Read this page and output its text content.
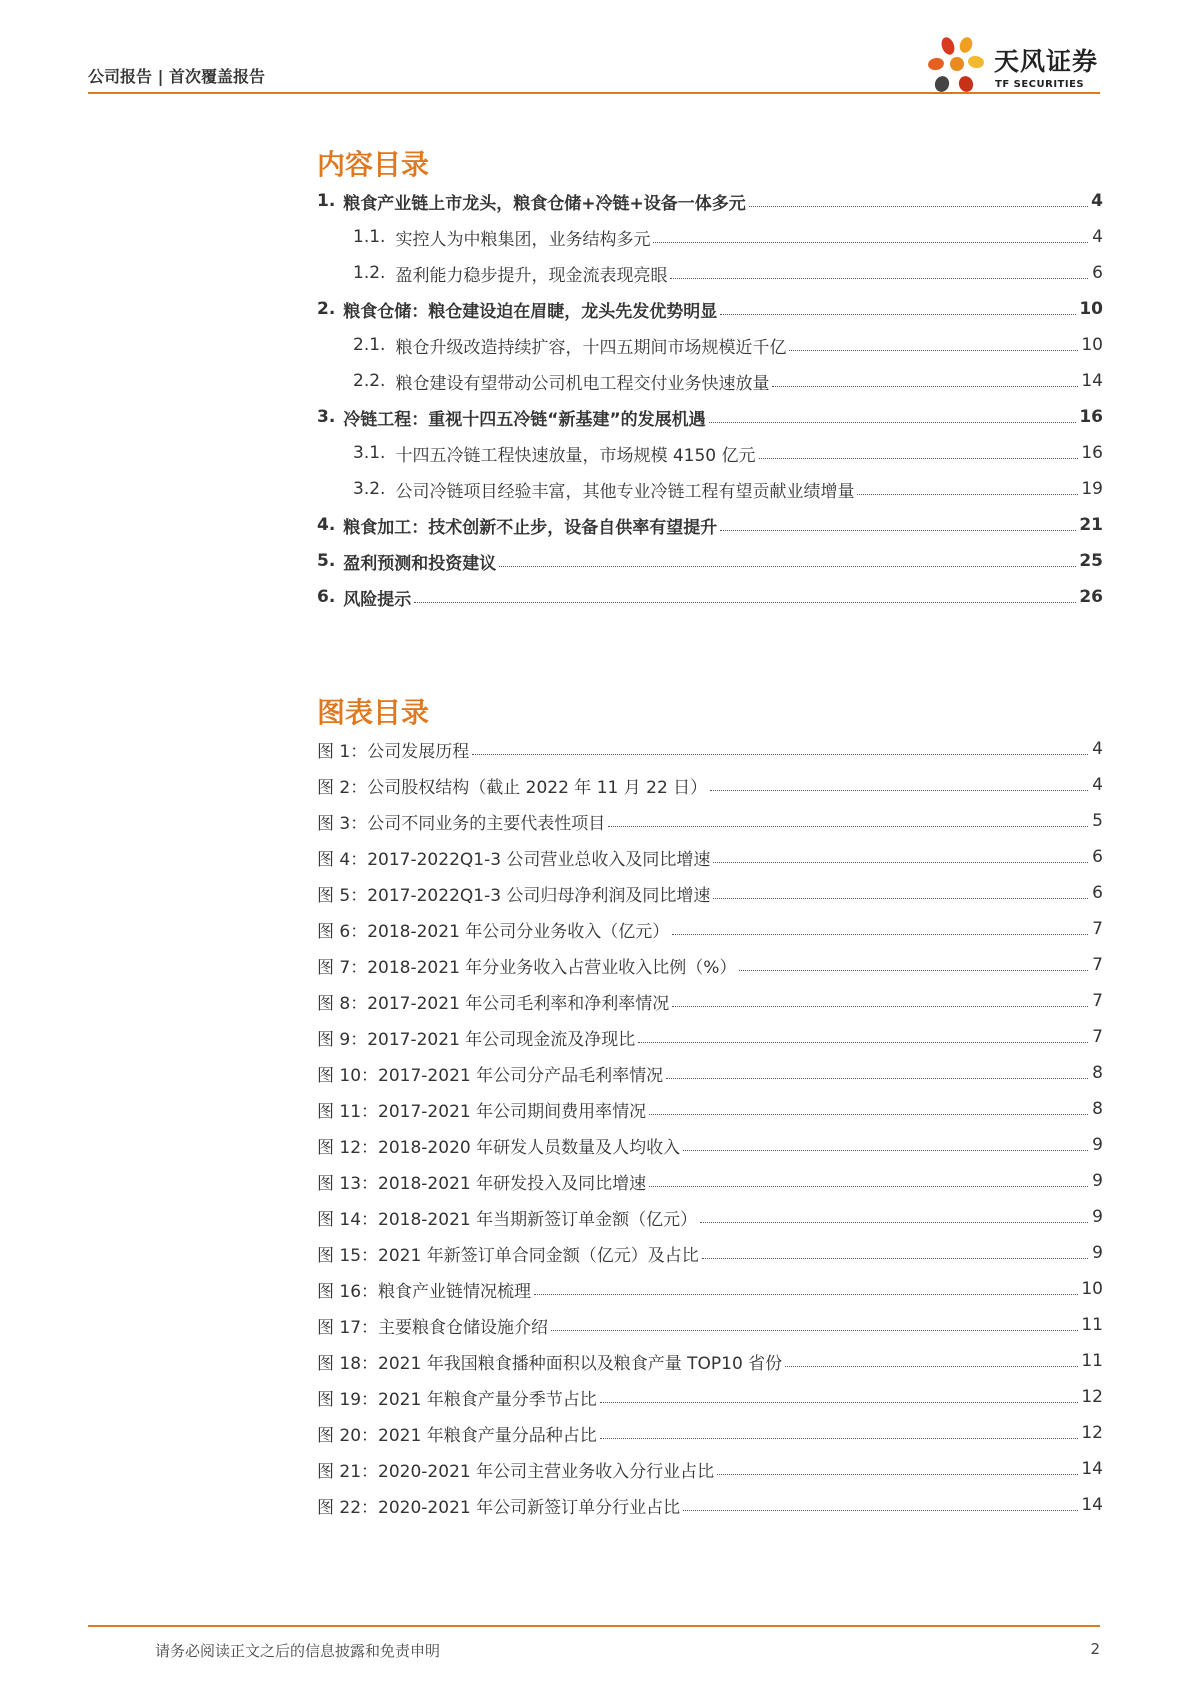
公司报告 | 首次覆盖报告
天风证券
TF SECURITIES
内容目录
1. 粮食产业链上市龙头，粮食仓储+冷链+设备一体多元	4
1.1. 实控人为中粮集团，业务结构多元	4
1.2. 盈利能力稳步提升，现金流表现亮眼	6
2. 粮食仓储：粮仓建设迫在眉睫，龙头先发优势明显	10
2.1. 粮仓升级改造持续扩容，十四五期间市场规模近千亿	10
2.2. 粮仓建设有望带动公司机电工程交付业务快速放量	14
3. 冷链工程：重视十四五冷链“新基建”的发展机遇	16
3.1. 十四五冷链工程快速放量，市场规模 4150 亿元	16
3.2. 公司冷链项目经验丰富，其他专业冷链工程有望贡献业绩增量	19
4. 粮食加工：技术创新不止步，设备自供率有望提升	21
5. 盈利预测和投资建议	25
6. 风险提示	26
图表目录
图 1：公司发展历程	4
图 2：公司股权结构（截止 2022 年 11 月 22 日）	4
图 3：公司不同业务的主要代表性项目	5
图 4：2017-2022Q1-3 公司营业总收入及同比增速	6
图 5：2017-2022Q1-3 公司归母净利润及同比增速	6
图 6：2018-2021 年公司分业务收入（亿元）	7
图 7：2018-2021 年分业务收入占营业收入比例（%）	7
图 8：2017-2021 年公司毛利率和净利率情况	7
图 9：2017-2021 年公司现金流及净现比	7
图 10：2017-2021 年公司分产品毛利率情况	8
图 11：2017-2021 年公司期间费用率情况	8
图 12：2018-2020 年研发人员数量及人均收入	9
图 13：2018-2021 年研发投入及同比增速	9
图 14：2018-2021 年当期新签订单金额（亿元）	9
图 15：2021 年新签订单合同金额（亿元）及占比	9
图 16：粮食产业链情况梳理	10
图 17：主要粮食仓储设施介绍	11
图 18：2021 年我国粮食播种面积以及粮食产量 TOP10 省份	11
图 19：2021 年粮食产量分季节占比	12
图 20：2021 年粮食产量分品种占比	12
图 21：2020-2021 年公司主营业务收入分行业占比	14
图 22：2020-2021 年公司新签订单分行业占比	14
请务必阅读正文之后的信息披露和免责申明	2
